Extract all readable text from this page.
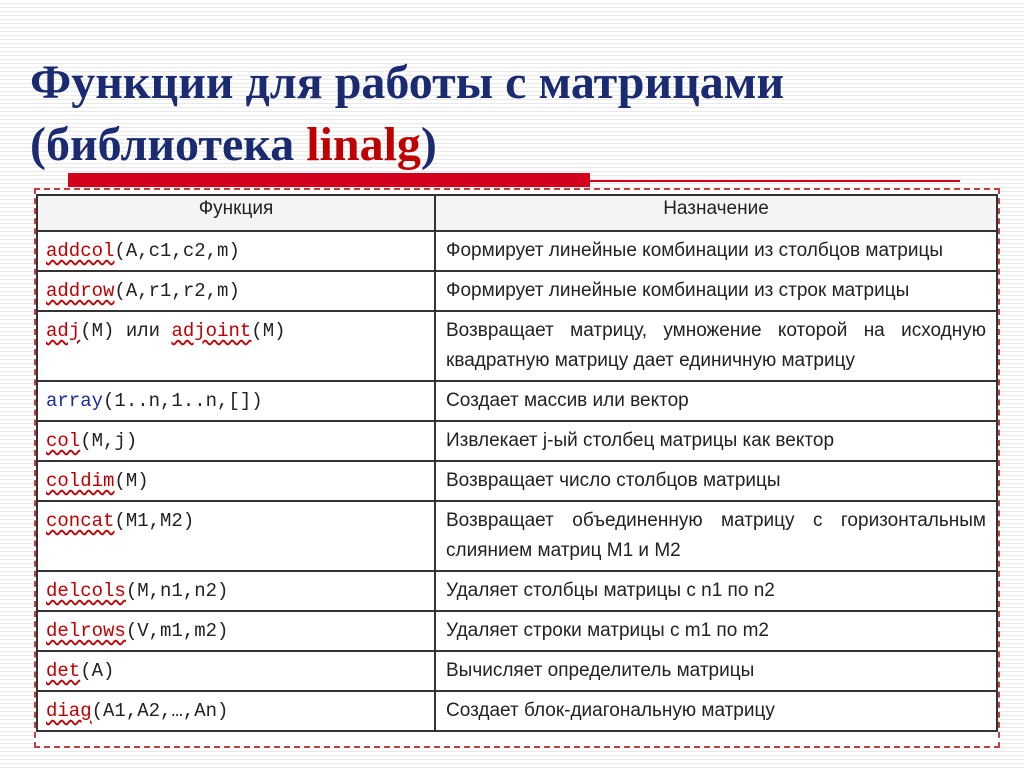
Функции для работы с матрицами
(библиотека linalg)
Функция	Назначение
addcol(A,c1,c2,m)	Формирует линейные комбинации из столбцов матрицы
addrow(A,r1,r2,m)	Формирует линейные комбинации из строк матрицы
adj(M) или adjoint(M)	Возвращает матрицу, умножение которой на исходную квадратную матрицу дает единичную матрицу
array(1..n,1..n,[])	Создает массив или вектор
col(M,j)	Извлекает j-ый столбец матрицы как вектор
coldim(M)	Возвращает число столбцов матрицы
concat(M1,M2)	Возвращает объединенную матрицу с горизонтальным слиянием матриц M1 и M2
delcols(M,n1,n2)	Удаляет столбцы матрицы с n1 по n2
delrows(V,m1,m2)	Удаляет строки матрицы с m1 по m2
det(A)	Вычисляет определитель матрицы
diag(A1,A2,…,An)	Создает блок-диагональную матрицу
